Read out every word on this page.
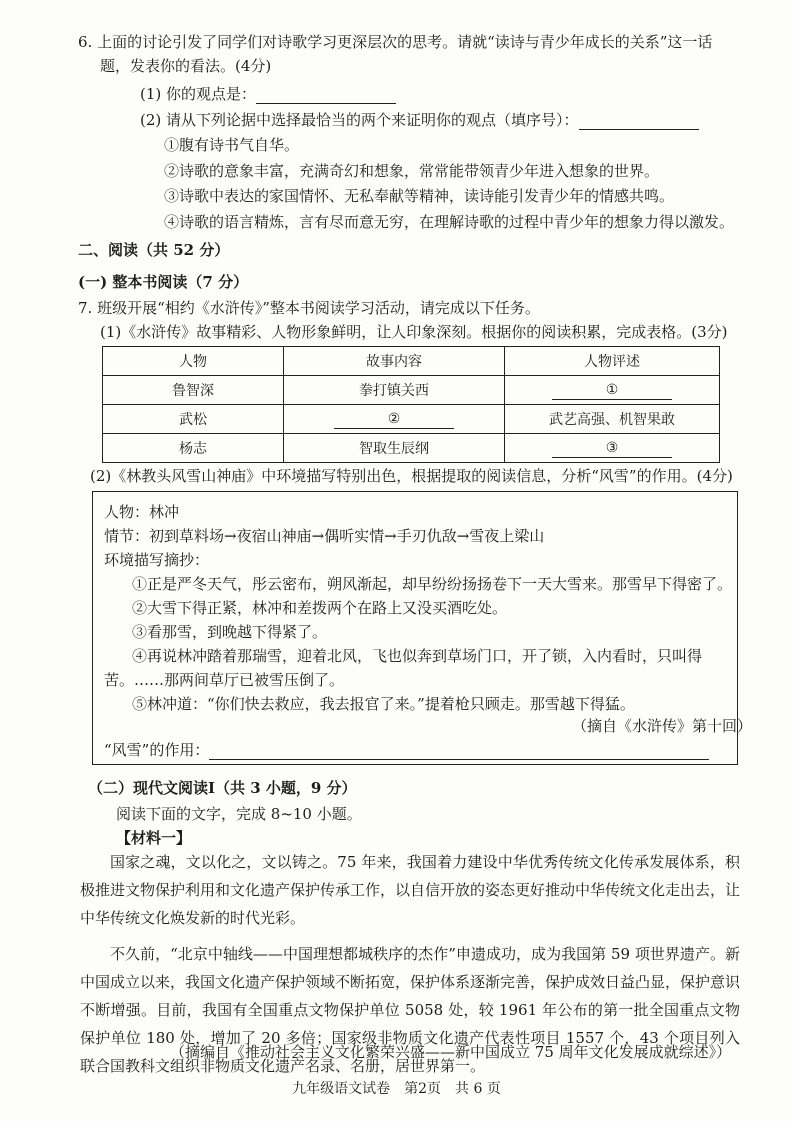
6. 上面的讨论引发了同学们对诗歌学习更深层次的思考。请就“读诗与青少年成长的关系”这一话
题，发表你的看法。(4分)
(1) 你的观点是：
(2) 请从下列论据中选择最恰当的两个来证明你的观点（填序号）：
①腹有诗书气自华。
②诗歌的意象丰富，充满奇幻和想象，常常能带领青少年进入想象的世界。
③诗歌中表达的家国情怀、无私奉献等精神，读诗能引发青少年的情感共鸣。
④诗歌的语言精炼，言有尽而意无穷，在理解诗歌的过程中青少年的想象力得以激发。
二、阅读（共 52 分）
(一) 整本书阅读（7 分）
7. 班级开展“相约《水浒传》”整本书阅读学习活动，请完成以下任务。
(1)《水浒传》故事精彩、人物形象鲜明，让人印象深刻。根据你的阅读积累，完成表格。(3分)
人物	故事内容	人物评述
鲁智深	拳打镇关西	①
武松	②	武艺高强、机智果敢
杨志	智取生辰纲	③
(2)《林教头风雪山神庙》中环境描写特别出色，根据提取的阅读信息，分析“风雪”的作用。(4分)
人物：林冲
情节：初到草料场→夜宿山神庙→偶听实情→手刃仇敌→雪夜上梁山
环境描写摘抄：
①正是严冬天气，彤云密布，朔风渐起，却早纷纷扬扬卷下一天大雪来。那雪早下得密了。
②大雪下得正紧，林冲和差拨两个在路上又没买酒吃处。
③看那雪，到晚越下得紧了。
④再说林冲踏着那瑞雪，迎着北风，飞也似奔到草场门口，开了锁，入内看时，只叫得
苦。……那两间草厅已被雪压倒了。
⑤林冲道：“你们快去救应，我去报官了来。”提着枪只顾走。那雪越下得猛。
（摘自《水浒传》第十回）
“风雪”的作用：
（二）现代文阅读Ⅰ（共 3 小题，9 分）
阅读下面的文字，完成 8~10 小题。
【材料一】
国家之魂，文以化之，文以铸之。75 年来，我国着力建设中华优秀传统文化传承发展体系，积极推进文物保护利用和文化遗产保护传承工作，以自信开放的姿态更好推动中华传统文化走出去，让中华传统文化焕发新的时代光彩。
不久前，“北京中轴线——中国理想都城秩序的杰作”申遗成功，成为我国第 59 项世界遗产。新中国成立以来，我国文化遗产保护领域不断拓宽，保护体系逐渐完善，保护成效日益凸显，保护意识不断增强。目前，我国有全国重点文物保护单位 5058 处，较 1961 年公布的第一批全国重点文物保护单位 180 处，增加了 20 多倍；国家级非物质文化遗产代表性项目 1557 个，43 个项目列入联合国教科文组织非物质文化遗产名录、名册，居世界第一。
（摘编自《推动社会主义文化繁荣兴盛——新中国成立 75 周年文化发展成就综述》）
九年级语文试卷　第2页　共 6 页
